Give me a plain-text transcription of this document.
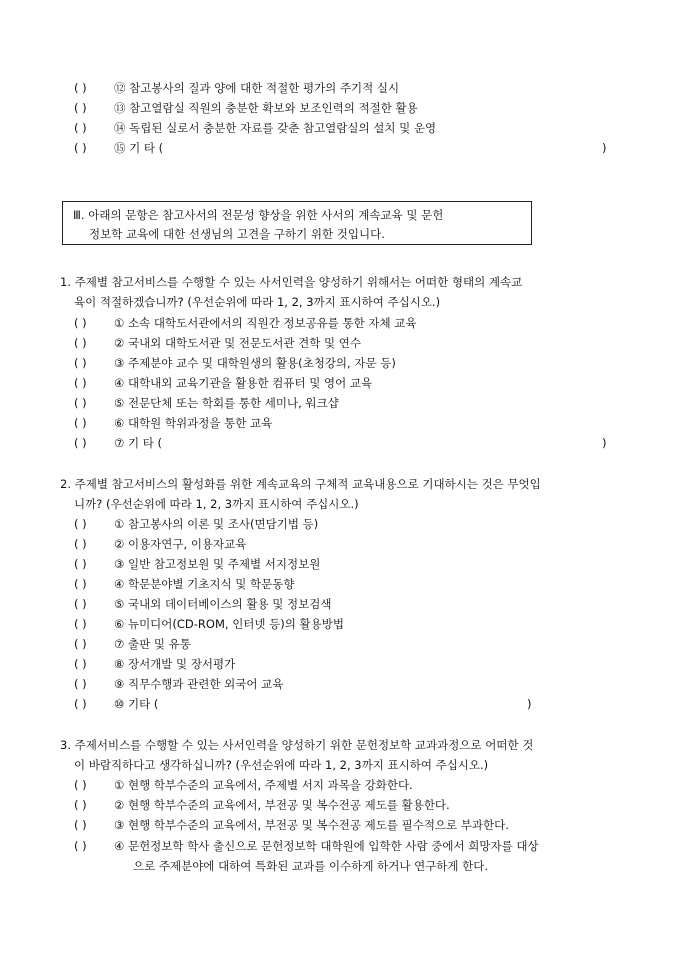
( )	⑫ 참고봉사의 질과 양에 대한 적절한 평가의 주기적 실시
( )	⑬ 참고열람실 직원의 충분한 확보와 보조인력의 적절한 활용
( )	⑭ 독립된 실로서 충분한 자료를 갖춘 참고열람실의 설치 및 운영
( )	⑮ 기 타 (	)
Ⅲ. 아래의 문항은 참고사서의 전문성 향상을 위한 사서의 계속교육 및 문헌
정보학 교육에 대한 선생님의 고견을 구하기 위한 것입니다.
1. 주제별 참고서비스를 수행할 수 있는 사서인력을 양성하기 위해서는 어떠한 형태의 계속교
육이 적절하겠습니까? (우선순위에 따라 1, 2, 3까지 표시하여 주십시오.)
( )	① 소속 대학도서관에서의 직원간 정보공유를 통한 자체 교육
( )	② 국내외 대학도서관 및 전문도서관 견학 및 연수
( )	③ 주제분야 교수 및 대학원생의 활용(초청강의, 자문 등)
( )	④ 대학내외 교육기관을 활용한 컴퓨터 및 영어 교육
( )	⑤ 전문단체 또는 학회를 통한 세미나, 워크샵
( )	⑥ 대학원 학위과정을 통한 교육
( )	⑦ 기 타 (	)
2. 주제별 참고서비스의 활성화를 위한 계속교육의 구체적 교육내용으로 기대하시는 것은 무엇입
니까? (우선순위에 따라 1, 2, 3까지 표시하여 주십시오.)
( )	① 참고봉사의 이론 및 조사(면담기법 등)
( )	② 이용자연구, 이용자교육
( )	③ 일반 참고정보원 및 주제별 서지정보원
( )	④ 학문분야별 기초지식 및 학문동향
( )	⑤ 국내외 데이터베이스의 활용 및 정보검색
( )	⑥ 뉴미디어(CD-ROM, 인터넷 등)의 활용방법
( )	⑦ 출판 및 유통
( )	⑧ 장서개발 및 장서평가
( )	⑨ 직무수행과 관련한 외국어 교육
( )	⑩ 기타 (	)
3. 주제서비스를 수행할 수 있는 사서인력을 양성하기 위한 문헌정보학 교과과정으로 어떠한 것
이 바람직하다고 생각하십니까? (우선순위에 따라 1, 2, 3까지 표시하여 주십시오.)
( )	① 현행 학부수준의 교육에서, 주제별 서지 과목을 강화한다.
( )	② 현행 학부수준의 교육에서, 부전공 및 복수전공 제도를 활용한다.
( )	③ 현행 학부수준의 교육에서, 부전공 및 복수전공 제도를 필수적으로 부과한다.
( )	④ 문헌정보학 학사 출신으로 문헌정보학 대학원에 입학한 사람 중에서 희망자를 대상
으로 주제분야에 대하여 특화된 교과를 이수하게 하거나 연구하게 한다.
